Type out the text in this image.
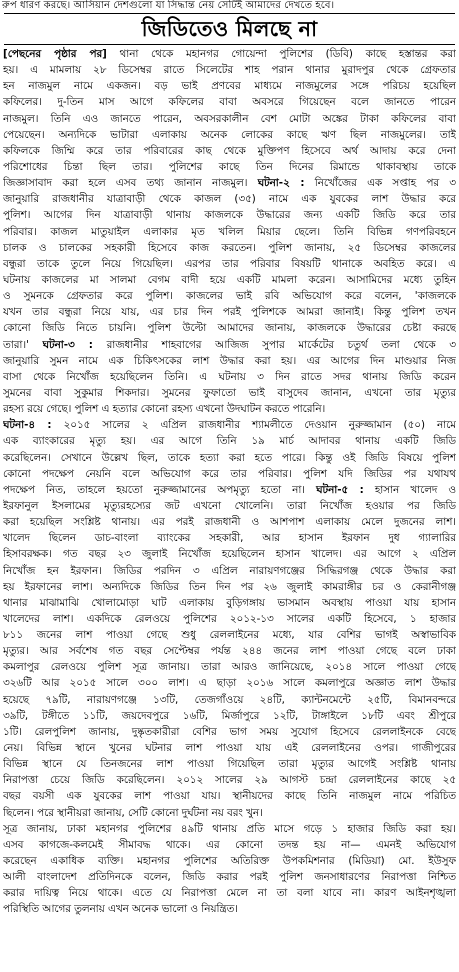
রুপ ধারণ করছে। আসিয়ান দেশগুলো যা সিদ্ধান্ত নেয় সেটিই আমাদের দেখতে হবে।
জিডিতেও মিলছে না
[পেছনের পৃষ্ঠার পর] থানা থেকে মহানগর গোয়েন্দা পুলিশের (ডিবি) কাছে হস্তান্তর করা
হয়। এ মামলায় ২৮ ডিসেম্বর রাতে সিলেটের শাহ পরান থানার মুরাদপুর থেকে গ্রেফতার
হন নাজমুল নামে একজন। বড় ভাই প্রণবের মাধ্যমে নাজমুলের সঙ্গে পরিচয় হয়েছিল
কফিলের। দু-তিন মাস আগে কফিলের বাবা অবসরে গিয়েছেন বলে জানতে পারেন
নাজমুল। তিনি এও জানতে পারেন, অবসরকালীন বেশ মোটা অঙ্কের টাকা কফিলের বাবা
পেয়েছেন। অন্যদিকে ভাটারা এলাকায় অনেক লোকের কাছে ঋণ ছিল নাজমুলের। তাই
কফিলকে জিম্মি করে তার পরিবারের কাছ থেকে মুক্তিপণ হিসেবে অর্থ আদায় করে দেনা
পরিশোধের চিন্তা ছিল তার। পুলিশের কাছে তিন দিনের রিমান্ডে থাকাবস্থায় তাকে
জিজ্ঞাসাবাদ করা হলে এসব তথ্য জানান নাজমুল। ঘটনা-২ : নিখোঁজের এক সপ্তাহ পর ৩
জানুয়ারি রাজধানীর যাত্রাবাড়ী থেকে কাজল (৩৫) নামে এক যুবকের লাশ উদ্ধার করে
পুলিশ। আগের দিন যাত্রাবাড়ী থানায় কাজলকে উদ্ধারের জন্য একটি জিডি করে তার
পরিবার। কাজল মাতুয়াইল এলাকার মৃত খলিল মিয়ার ছেলে। তিনি বিভিন্ন গণপরিবহনে
চালক ও চালকের সহকারী হিসেবে কাজ করতেন। পুলিশ জানায়, ২৫ ডিসেম্বর কাজলের
বন্ধুরা তাকে তুলে নিয়ে গিয়েছিল। এরপর তার পরিবার বিষয়টি থানাকে অবহিত করে। এ
ঘটনায় কাজলের মা সালমা বেগম বাদী হয়ে একটি মামলা করেন। আসামিদের মধ্যে তুহিন
ও সুমনকে গ্রেফতার করে পুলিশ। কাজলের ভাই রবি অভিযোগ করে বলেন, 'কাজলকে
যখন তার বন্ধুরা নিয়ে যায়, এর চার দিন পরই পুলিশকে আমরা জানাই। কিন্তু পুলিশ তখন
কোনো জিডি নিতে চায়নি। পুলিশ উল্টো আমাদের জানায়, কাজলকে উদ্ধারের চেষ্টা করছে
তারা।' ঘটনা-৩ : রাজধানীর শাহবাগের আজিজ সুপার মার্কেটের চতুর্থ তলা থেকে ৩
জানুয়ারি সুমন নামে এক চিকিৎসকের লাশ উদ্ধার করা হয়। এর আগের দিন মাণ্ডয়ার নিজ
বাসা থেকে নিখোঁজ হয়েছিলেন তিনি। এ ঘটনায় ৩ দিন রাতে সদর থানায় জিডি করেন
সুমনের বাবা সুকুমার শিকদার। সুমনের ফুফাতো ভাই বাসুদেব জানান, এখনো তার মৃত্যুর
রহস্য রয়ে গেছে। পুলিশ এ হত্যার কোনো রহস্য এখনো উদঘাটন করতে পারেনি।
ঘটনা-৪ : ২০১৫ সালের ২ এপ্রিল রাজধানীর শ্যামলীতে দেওয়ান নুরুজ্জামান (৫০) নামে
এক ব্যাংকারের মৃত্যু হয়। এর আগে তিনি ১৯ মার্চ আদাবর থানায় একটি জিডি
করেছিলেন। সেখানে উল্লেখ ছিল, তাকে হত্যা করা হতে পারে। কিন্তু ওই জিডি বিষয়ে পুলিশ
কোনো পদক্ষেপ নেয়নি বলে অভিযোগ করে তার পরিবার। পুলিশ যদি জিডির পর যথাযথ
পদক্ষেপ নিত, তাহলে হয়তো নুরুজ্জামানের অপমৃত্যু হতো না। ঘটনা-৫ : হাসান খালেদ ও
ইরফানুল ইসলামের মৃত্যুরহস্যের জট এখনো খোলেনি। তারা নিখোঁজ হওয়ার পর জিডি
করা হয়েছিল সংশ্লিষ্ট থানায়। এর পরই রাজধানী ও আশপাশ এলাকায় মেলে দুজনের লাশ।
খালেদ ছিলেন ডাচ-বাংলা ব্যাংকের সহকারী, আর হাসান ইরফান দুধ গ্যালারির
হিসাবরক্ষক। গত বছর ২৩ জুলাই নিখোঁজ হয়েছিলেন হাসান খালেদ। এর আগে ২ এপ্রিল
নিখোঁজ হন ইরফান। জিডির পরদিন ৩ এপ্রিল নারায়ণগঞ্জের সিদ্ধিরগঞ্জ থেকে উদ্ধার করা
হয় ইরফানের লাশ। অন্যদিকে জিডির তিন দিন পর ২৬ জুলাই কামরাঙ্গীর চর ও কেরানীগঞ্জ
থানার মাঝামাঝি খোলামোড়া ঘাট এলাকায় বুড়িগঙ্গায় ভাসমান অবস্থায় পাওয়া যায় হাসান
খালেদের লাশ। একদিকে রেলওয়ে পুলিশের ২০১২-১৩ সালের একটি হিসেবে, ১ হাজার
৮১১ জনের লাশ পাওয়া গেছে শুধু রেললাইনের মধ্যে, যার বেশির ভাগই অস্বাভাবিক
মৃত্যুর। আর সর্বশেষ গত বছর সেপ্টেম্বর পর্যন্ত ২৪৪ জনের লাশ পাওয়া গেছে বলে ঢাকা
কমলাপুর রেলওয়ে পুলিশ সূত্র জানায়। তারা আরও জানিয়েছে, ২০১৪ সালে পাওয়া গেছে
৩২৬টি আর ২০১৫ সালে ৩০০ লাশ। এ ছাড়া ২০১৬ সালে কমলাপুরে অজ্ঞাত লাশ উদ্ধার
হয়েছে ৭৯টি, নারায়ণগঞ্জে ১৩টি, তেজগাঁওয়ে ২৪টি, ক্যান্টনমেন্টে ২৫টি, বিমানবন্দরে
৩৯টি, টঙ্গীতে ১১টি, জয়দেবপুরে ১৬টি, মির্জাপুরে ১২টি, টাঙ্গাইলে ১৮টি এবং শ্রীপুরে
১টি। রেলপুলিশ জানায়, দুষ্কৃতকারীরা বেশির ভাগ সময় সুযোগ হিসেবে রেললাইনকে বেছে
নেয়। বিভিন্ন স্থানে খুনের ঘটনার লাশ পাওয়া যায় এই রেললাইনের ওপর। গাজীপুরের
বিভিন্ন স্থানে যে তিনজনের লাশ পাওয়া গিয়েছিল তারা মৃত্যুর আগেই সংশ্লিষ্ট থানায়
নিরাপত্তা চেয়ে জিডি করেছিলেন। ২০১২ সালের ২৯ আগস্ট চন্দ্রা রেললাইনের কাছে ২৫
বছর বয়সী এক যুবকের লাশ পাওয়া যায়। স্থানীয়দের কাছে তিনি নাজমুল নামে পরিচিত
ছিলেন। পরে স্থানীয়রা জানায়, সেটি কোনো দুর্ঘটনা নয় বরং খুন।
সূত্র জানায়, ঢাকা মহানগর পুলিশের ৪৯টি থানায় প্রতি মাসে গড়ে ১ হাজার জিডি করা হয়।
এসব কাগজে-কলমেই সীমাবদ্ধ থাকে। এর কোনো তদন্ত হয় না— এমনই অভিযোগ
করেছেন একাধিক ব্যক্তি। মহানগর পুলিশের অতিরিক্ত উপকমিশনার (মিডিয়া) মো. ইউসুফ
আলী বাংলাদেশ প্রতিদিনকে বলেন, জিডি করার পরই পুলিশ জনসাধারণের নিরাপত্তা নিশ্চিত
করার দায়িত্ব নিয়ে থাকে। এতে যে নিরাপত্তা মেলে না তা বলা যাবে না। কারণ আইনশৃঙ্খলা
পরিস্থিতি আগের তুলনায় এখন অনেক ভালো ও নিয়ন্ত্রিত।
